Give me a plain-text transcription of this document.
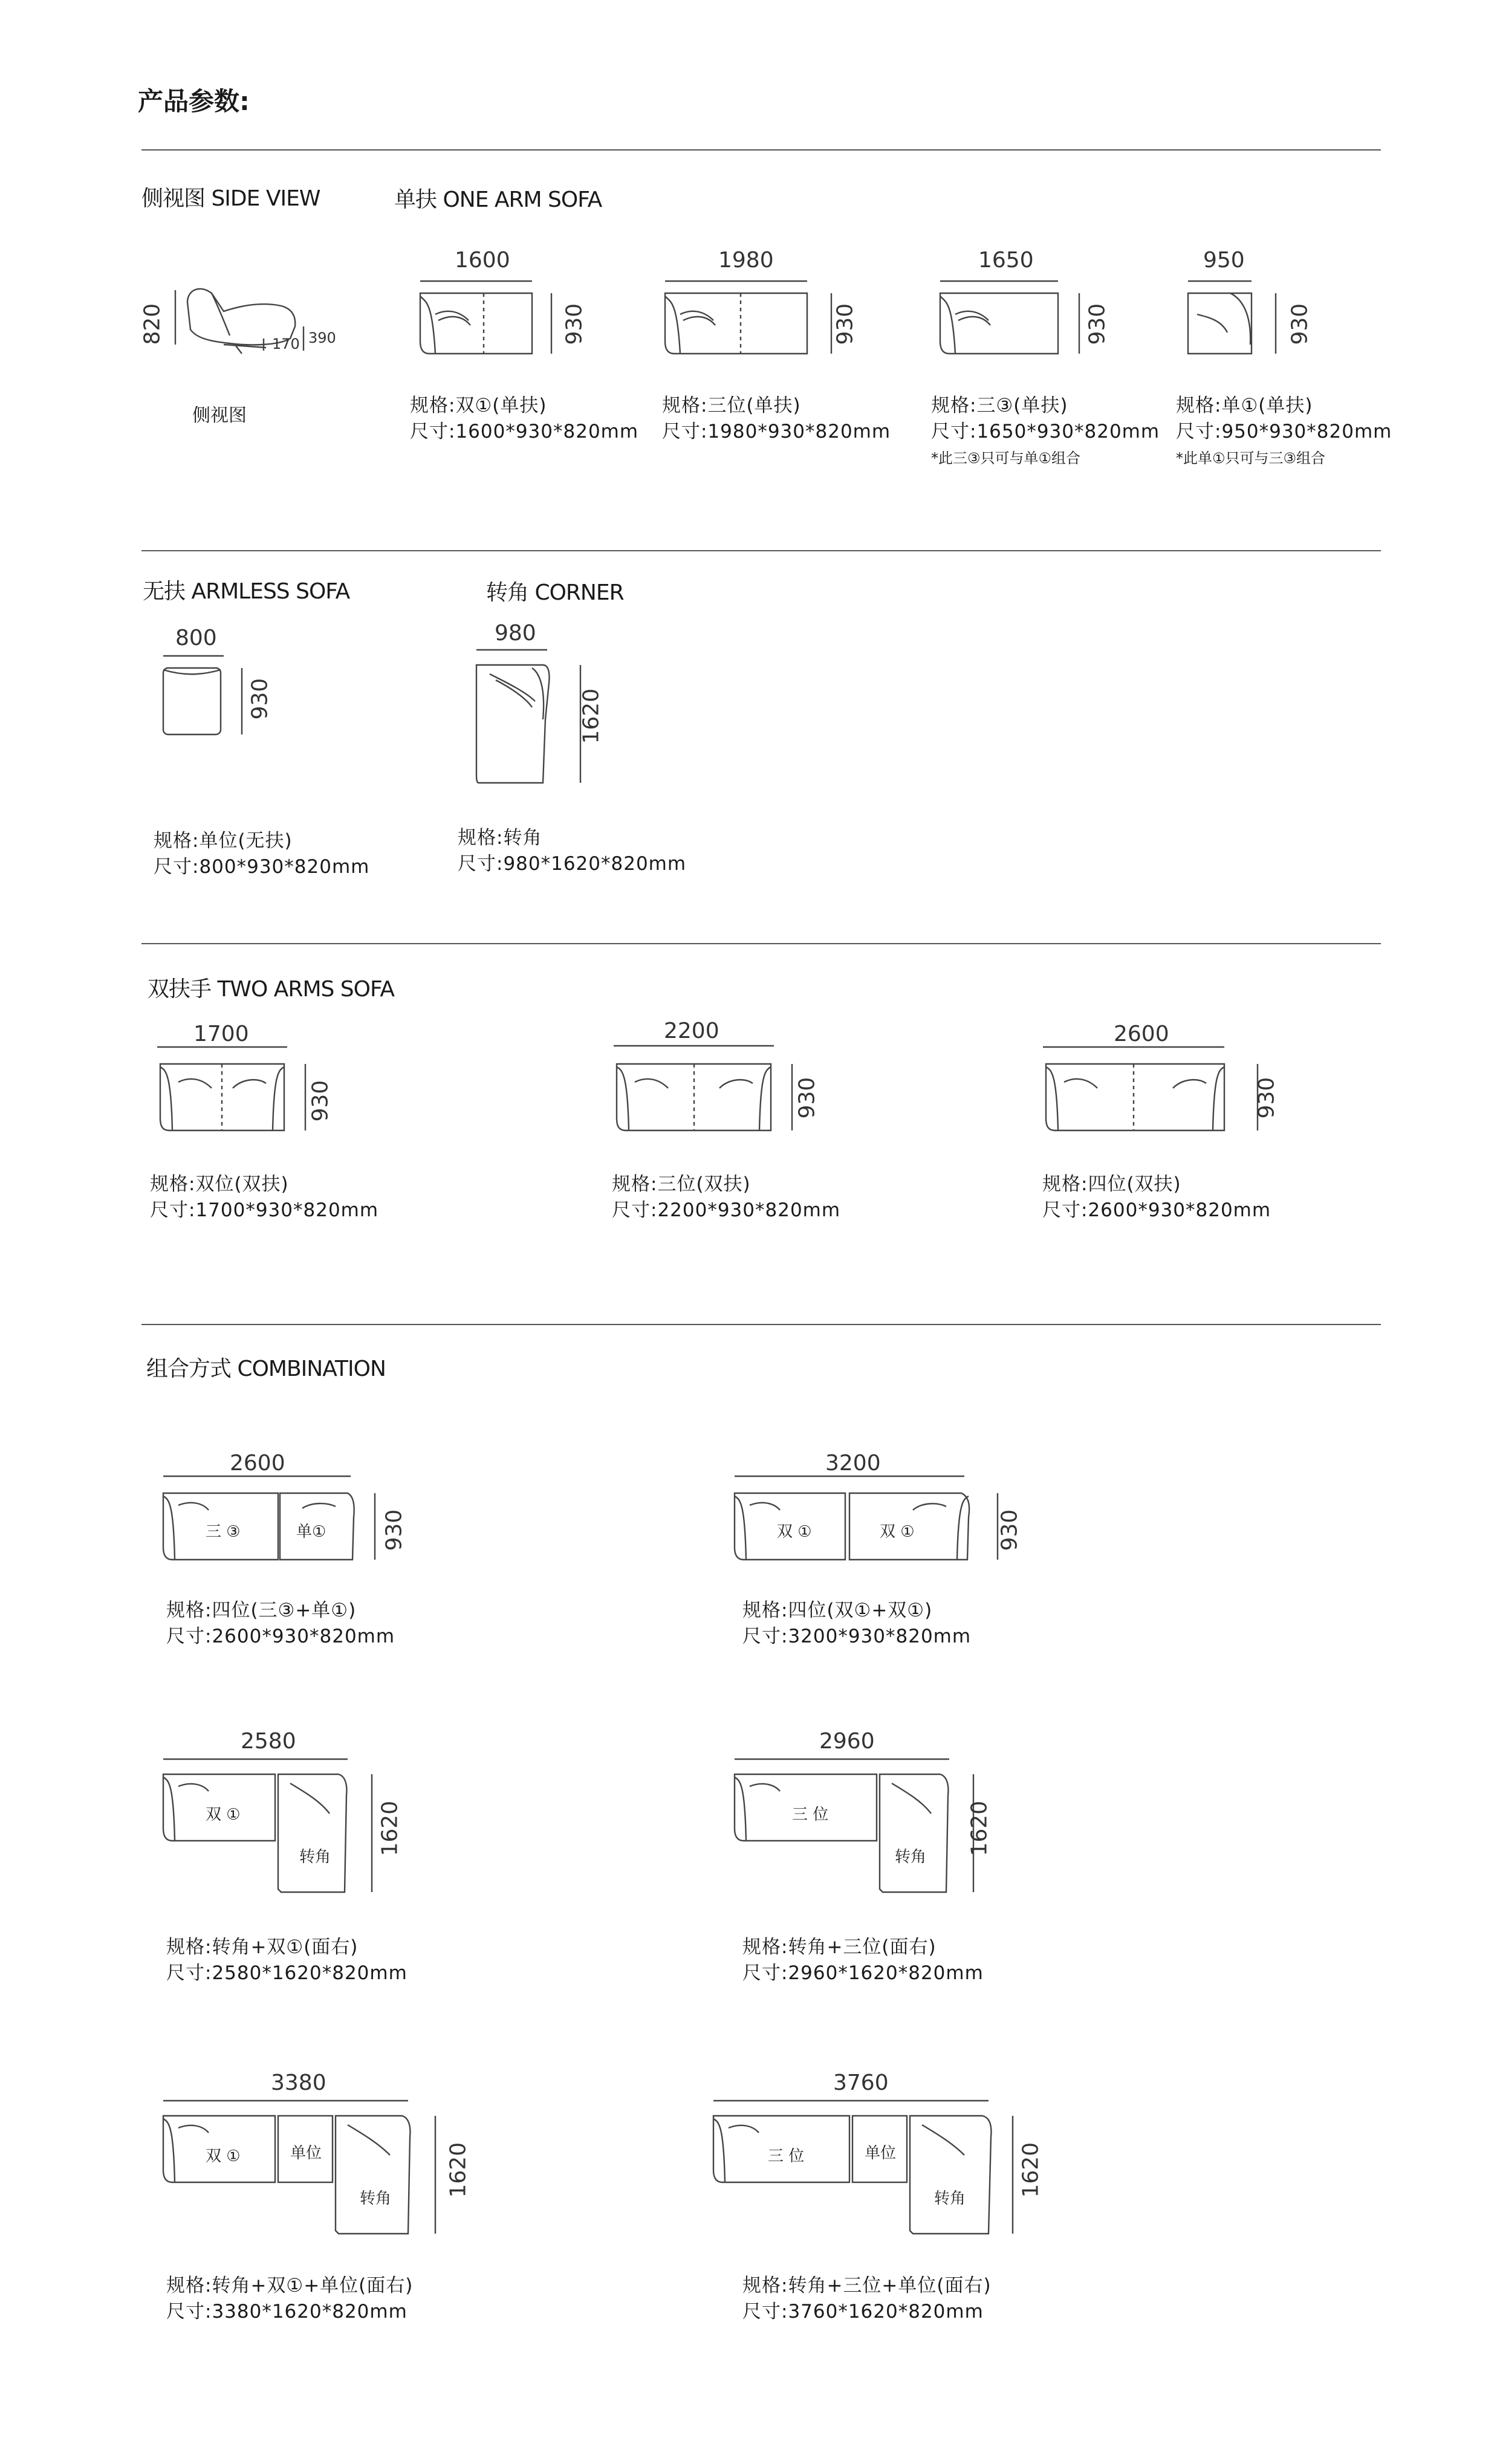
产品参数:
侧视图 SIDE VIEW	单扶 ONE ARM SOFA
820	170 390
侧视图
1600
930
规格:双①(单扶)
尺寸:1600*930*820mm
1980
930
规格:三位(单扶)
尺寸:1980*930*820mm
1650
930
规格:三③(单扶)
尺寸:1650*930*820mm
*此三③只可与单①组合
950
930
规格:单①(单扶)
尺寸:950*930*820mm
*此单①只可与三③组合
无扶 ARMLESS SOFA	转角 CORNER
800
930
规格:单位(无扶)
尺寸:800*930*820mm
980
1620
规格:转角
尺寸:980*1620*820mm
双扶手 TWO ARMS SOFA
1700
930
规格:双位(双扶)
尺寸:1700*930*820mm
2200
930
规格:三位(双扶)
尺寸:2200*930*820mm
2600
930
规格:四位(双扶)
尺寸:2600*930*820mm
组合方式 COMBINATION
三 ③	单①
2600
930
规格:四位(三③+单①)
尺寸:2600*930*820mm
双 ①	双 ①
3200
930
规格:四位(双①+双①)
尺寸:3200*930*820mm
双 ①
转角
2580
1620
规格:转角+双①(面右)
尺寸:2580*1620*820mm
三 位
转角
2960
1620
规格:转角+三位(面右)
尺寸:2960*1620*820mm
双 ①	单位
转角
3380
1620
规格:转角+双①+单位(面右)
尺寸:3380*1620*820mm
三 位	单位
转角
3760
1620
规格:转角+三位+单位(面右)
尺寸:3760*1620*820mm
